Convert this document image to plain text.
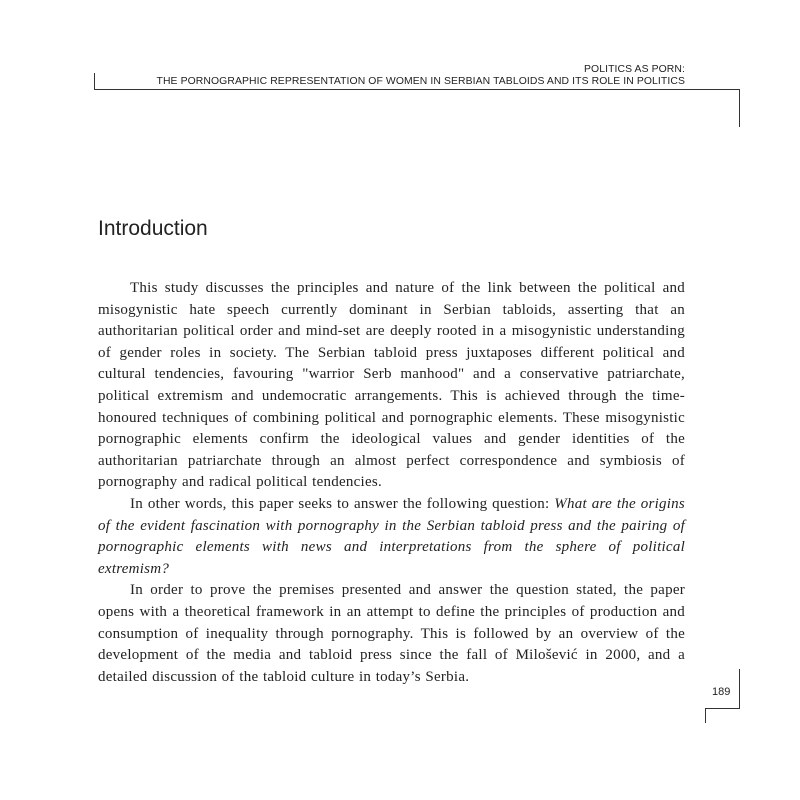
POLITICS AS PORN:
THE PORNOGRAPHIC REPRESENTATION OF WOMEN IN SERBIAN TABLOIDS AND ITS ROLE IN POLITICS
Introduction

This study discusses the principles and nature of the link between the political and misogynistic hate speech currently dominant in Serbian tabloids, asserting that an authoritarian political order and mind-set are deeply rooted in a misogynistic understanding of gender roles in society. The Serbian tabloid press juxtaposes different political and cultural tendencies, favouring "warrior Serb manhood" and a conservative patriarchate, political extremism and undemocratic arrangements. This is achieved through the time-honoured techniques of combining political and pornographic elements. These misogynistic pornographic elements confirm the ideological values and gender identities of the authoritarian patriarchate through an almost perfect correspondence and symbiosis of pornography and radical political tendencies.

In other words, this paper seeks to answer the following question: What are the origins of the evident fascination with pornography in the Serbian tabloid press and the pairing of pornographic elements with news and interpretations from the sphere of political extremism?

In order to prove the premises presented and answer the question stated, the paper opens with a theoretical framework in an attempt to define the principles of production and consumption of inequality through pornography. This is followed by an overview of the development of the media and tabloid press since the fall of Milošević in 2000, and a detailed discussion of the tabloid culture in today’s Serbia.

189
